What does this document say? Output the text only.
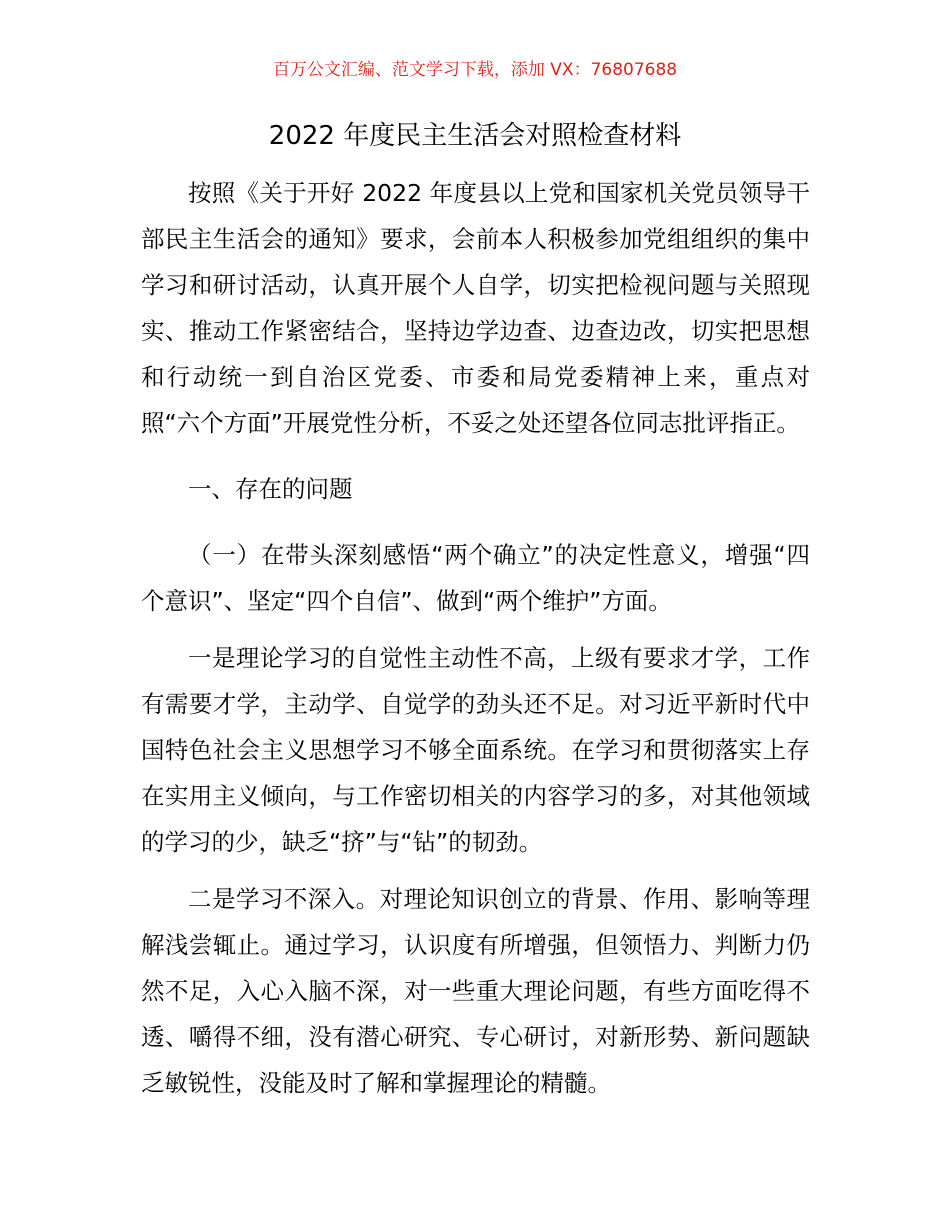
百万公文汇编、范文学习下载，添加 VX：76807688
2022 年度民主生活会对照检查材料

按照《关于开好 2022 年度县以上党和国家机关党员领导干部民主生活会的通知》要求，会前本人积极参加党组组织的集中学习和研讨活动，认真开展个人自学，切实把检视问题与关照现实、推动工作紧密结合，坚持边学边查、边查边改，切实把思想和行动统一到自治区党委、市委和局党委精神上来，重点对照“六个方面”开展党性分析，不妥之处还望各位同志批评指正。

一、存在的问题

（一）在带头深刻感悟“两个确立”的决定性意义，增强“四个意识”、坚定“四个自信”、做到“两个维护”方面。

一是理论学习的自觉性主动性不高，上级有要求才学，工作有需要才学，主动学、自觉学的劲头还不足。对习近平新时代中国特色社会主义思想学习不够全面系统。在学习和贯彻落实上存在实用主义倾向，与工作密切相关的内容学习的多，对其他领域的学习的少，缺乏“挤”与“钻”的韧劲。

二是学习不深入。对理论知识创立的背景、作用、影响等理解浅尝辄止。通过学习，认识度有所增强，但领悟力、判断力仍然不足，入心入脑不深，对一些重大理论问题，有些方面吃得不透、嚼得不细，没有潜心研究、专心研讨，对新形势、新问题缺乏敏锐性，没能及时了解和掌握理论的精髓。
